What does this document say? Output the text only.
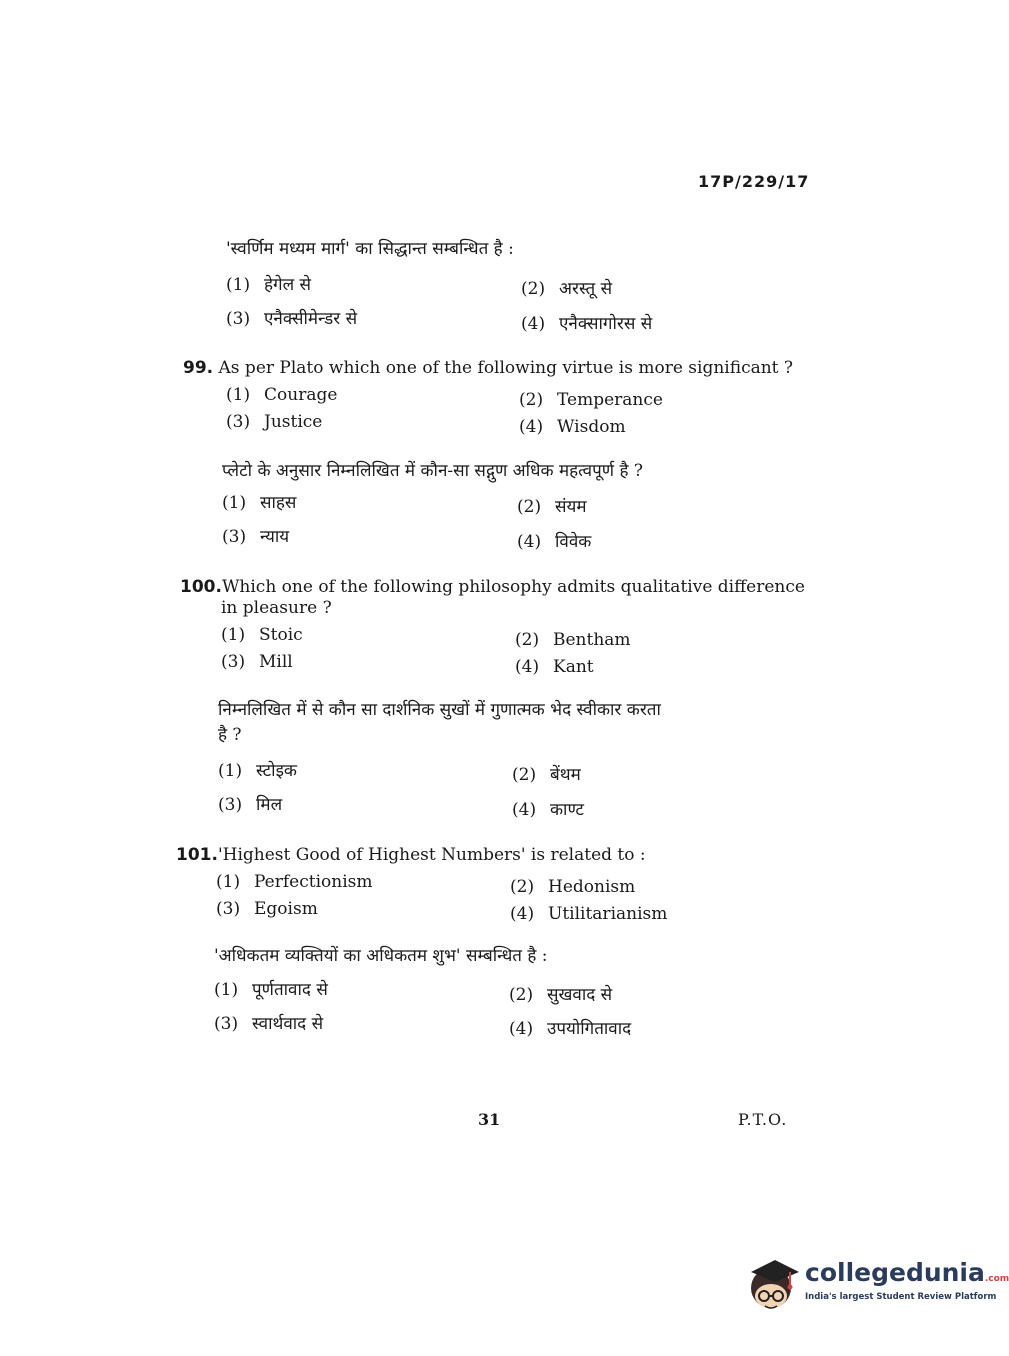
17P/229/17
'स्वर्णिम मध्यम मार्ग' का सिद्धान्त सम्बन्धित है :
(1) हेगेल से	(2) अरस्तू से
(3) एनैक्सीमेन्डर से	(4) एनैक्सागोरस से
99. As per Plato which one of the following virtue is more significant ?
(1) Courage	(2) Temperance
(3) Justice	(4) Wisdom
प्लेटो के अनुसार निम्नलिखित में कौन-सा सद्गुण अधिक महत्वपूर्ण है ?
(1) साहस	(2) संयम
(3) न्याय	(4) विवेक
100.Which one of the following philosophy admits qualitative difference
in pleasure ?
(1) Stoic	(2) Bentham
(3) Mill	(4) Kant
निम्नलिखित में से कौन सा दार्शनिक सुखों में गुणात्मक भेद स्वीकार करता
है ?
(1) स्टोइक	(2) बेंथम
(3) मिल	(4) काण्ट
101.'Highest Good of Highest Numbers' is related to :
(1) Perfectionism	(2) Hedonism
(3) Egoism	(4) Utilitarianism
'अधिकतम व्यक्तियों का अधिकतम शुभ' सम्बन्धित है :
(1) पूर्णतावाद से	(2) सुखवाद से
(3) स्वार्थवाद से	(4) उपयोगितावाद
31	P.T.O.
collegedunia.com
India's largest Student Review Platform
